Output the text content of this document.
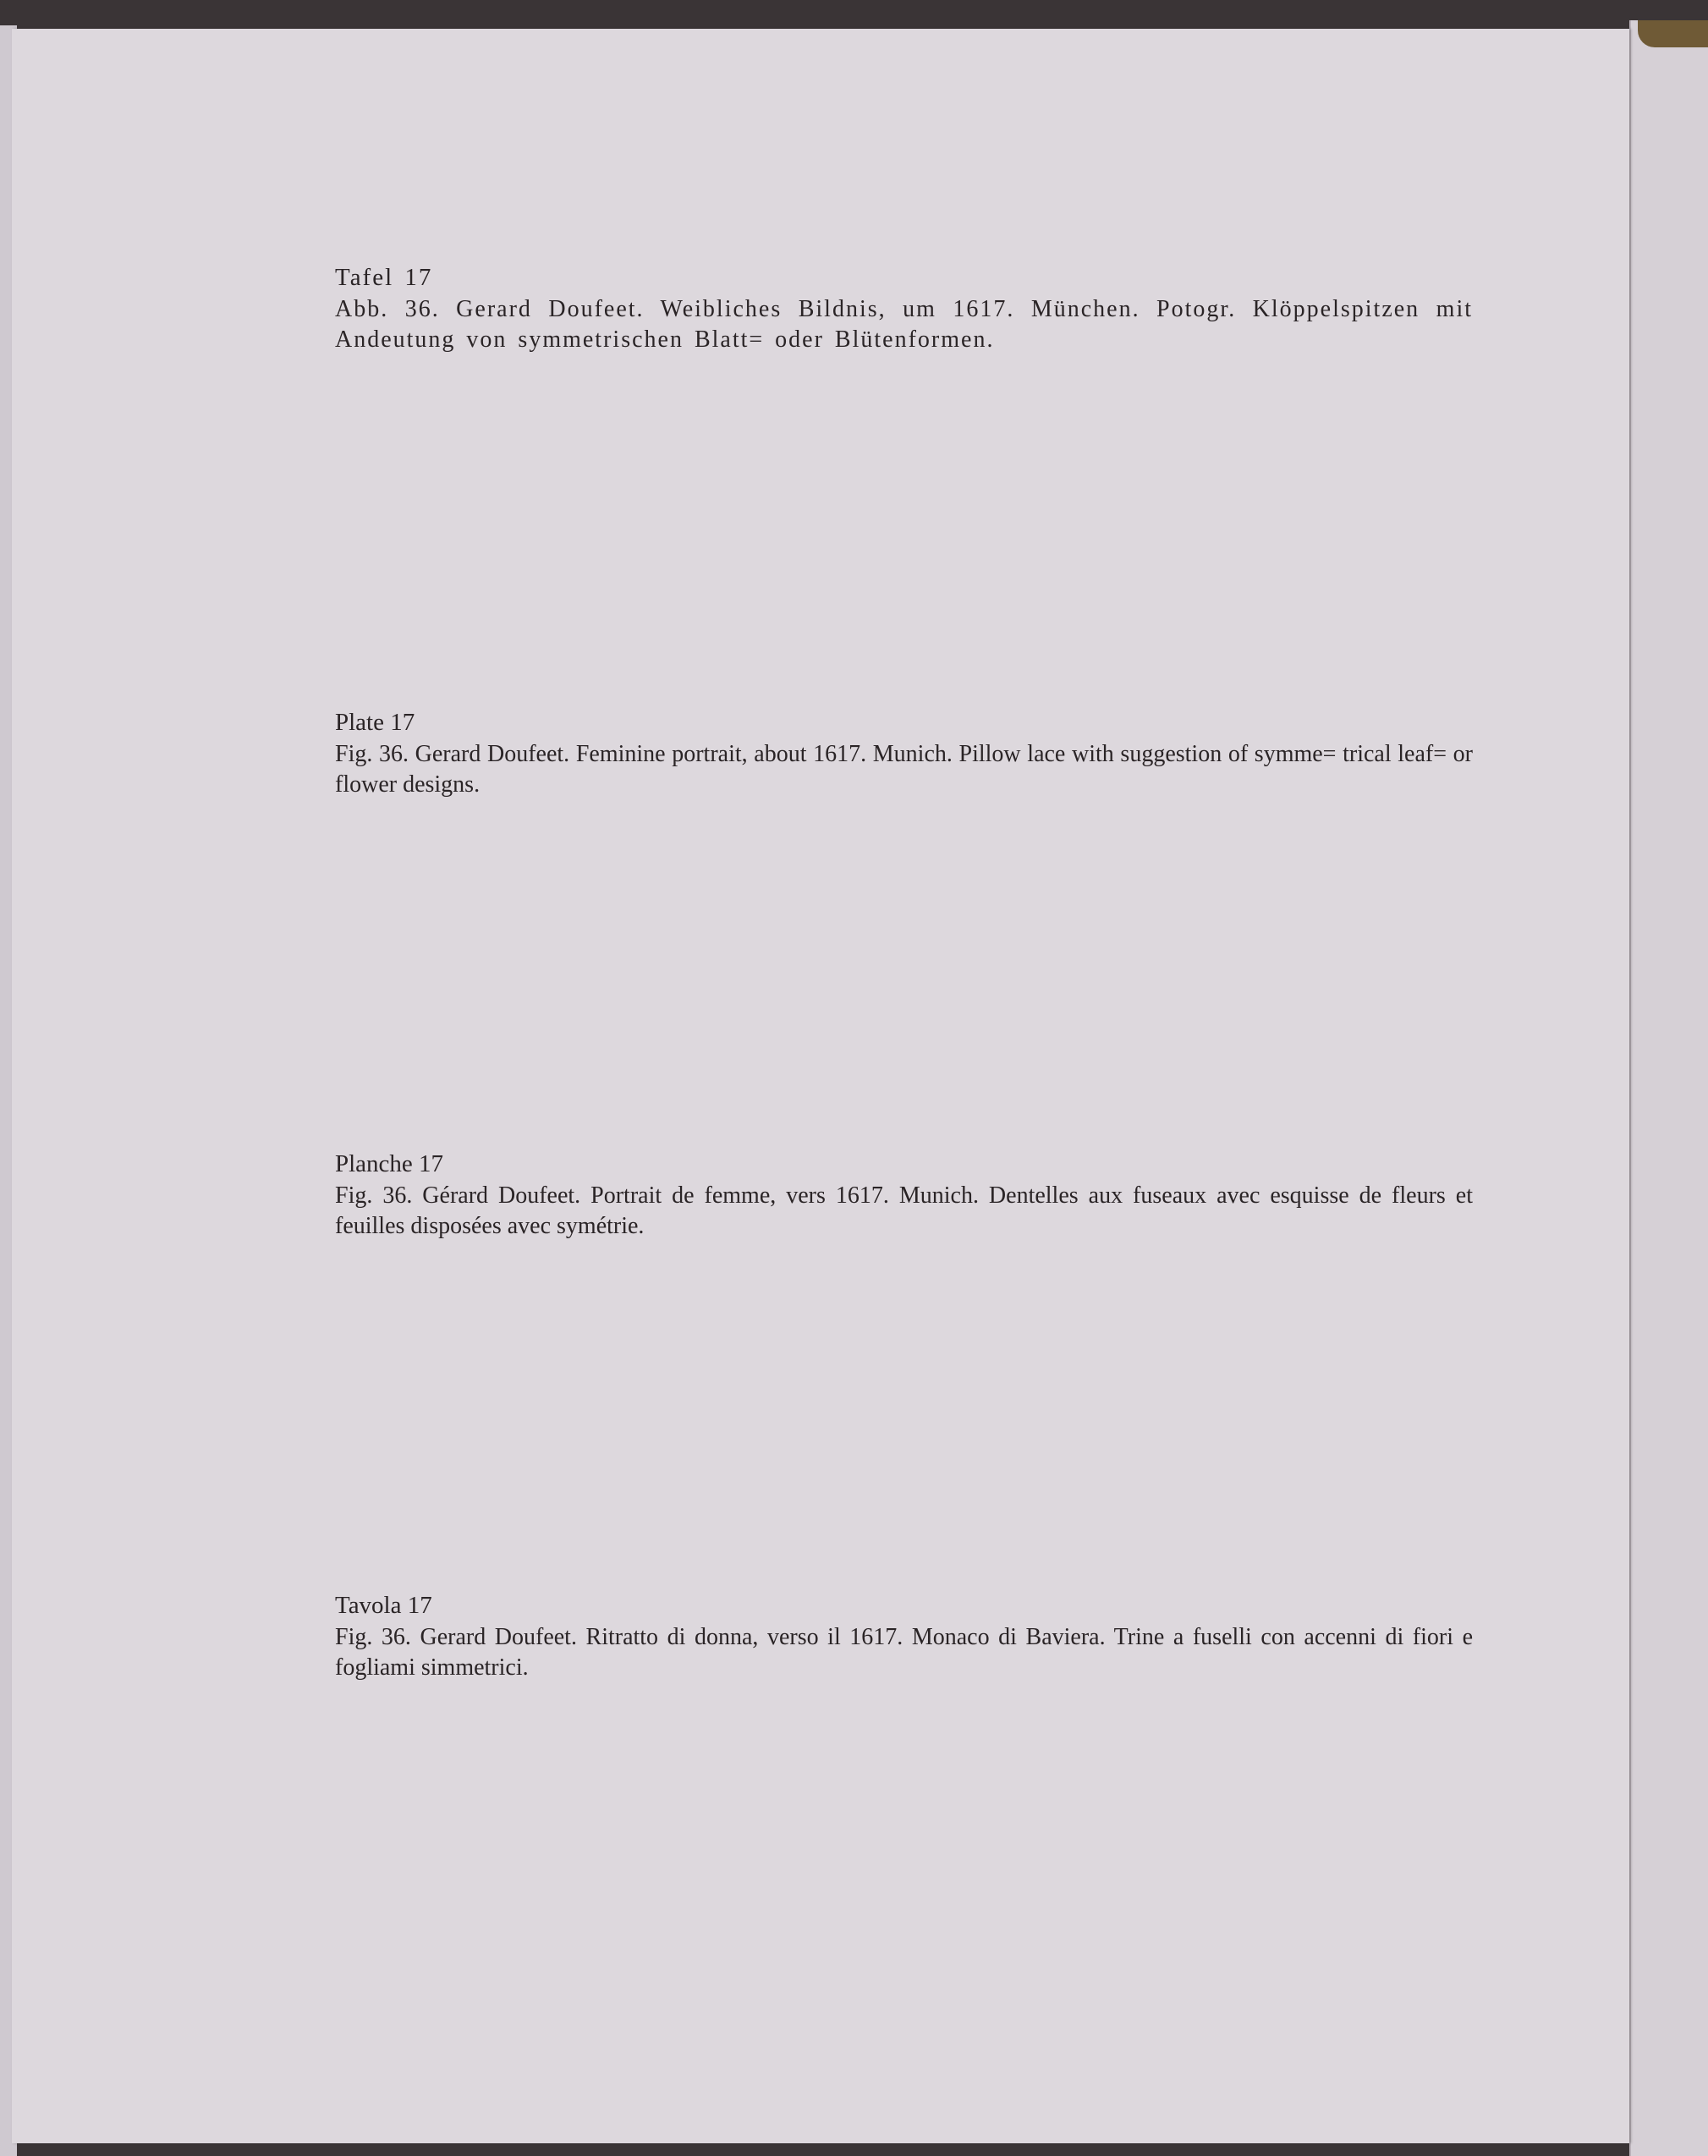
Tafel 17
Abb. 36. Gerard Doufeet. Weibliches Bildnis, um 1617. München. Potogr. Klöppelspitzen mit Andeutung von symmetrischen Blatt= oder Blütenformen.
Plate 17
Fig. 36. Gerard Doufeet. Feminine portrait, about 1617. Munich. Pillow lace with suggestion of symme= trical leaf= or flower designs.
Planche 17
Fig. 36. Gérard Doufeet. Portrait de femme, vers 1617. Munich. Dentelles aux fuseaux avec esquisse de fleurs et feuilles disposées avec symétrie.
Tavola 17
Fig. 36. Gerard Doufeet. Ritratto di donna, verso il 1617. Monaco di Baviera. Trine a fuselli con accenni di fiori e fogliami simmetrici.
